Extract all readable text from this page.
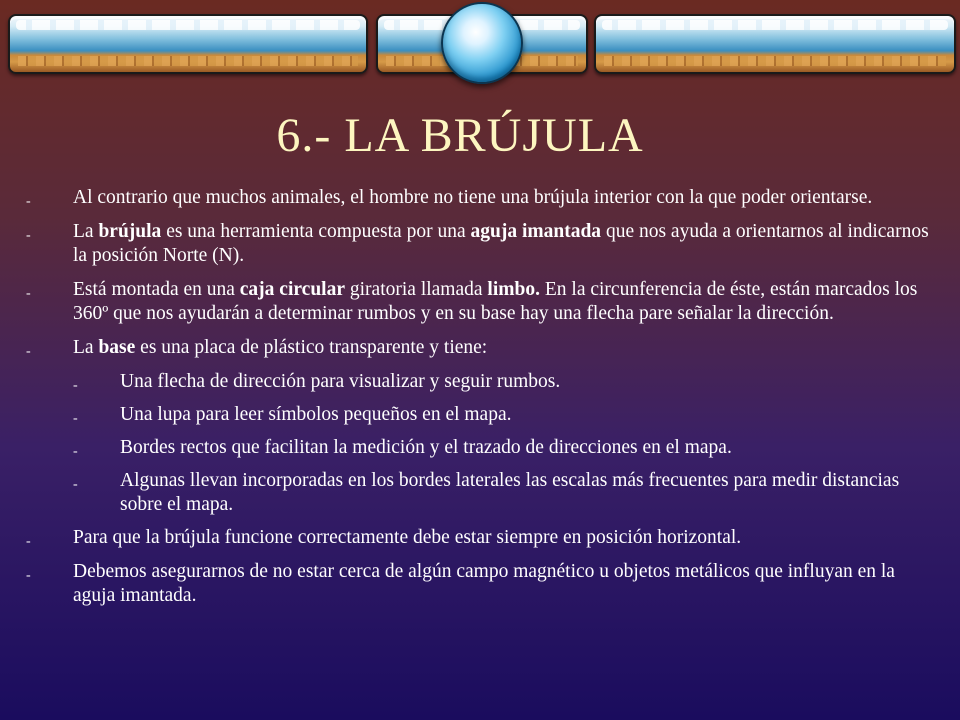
6.- LA BRÚJULA
- Al contrario que muchos animales, el hombre no tiene una brújula interior con la que poder orientarse.
- La brújula es una herramienta compuesta por una aguja imantada que nos ayuda a orientarnos al indicarnos la posición Norte (N).
- Está montada en una caja circular giratoria llamada limbo. En la circunferencia de éste, están marcados los 360º que nos ayudarán a determinar rumbos y en su base hay una flecha pare señalar la dirección.
- La base es una placa de plástico transparente y tiene:
- Una flecha de dirección para visualizar y seguir rumbos.
- Una lupa para leer símbolos pequeños en el mapa.
- Bordes rectos que facilitan la medición y el trazado de direcciones en el mapa.
- Algunas llevan incorporadas en los bordes laterales las escalas más frecuentes para medir distancias sobre el mapa.
- Para que la brújula funcione correctamente debe estar siempre en posición horizontal.
- Debemos asegurarnos de no estar cerca de algún campo magnético u objetos metálicos que influyan en la aguja imantada.
